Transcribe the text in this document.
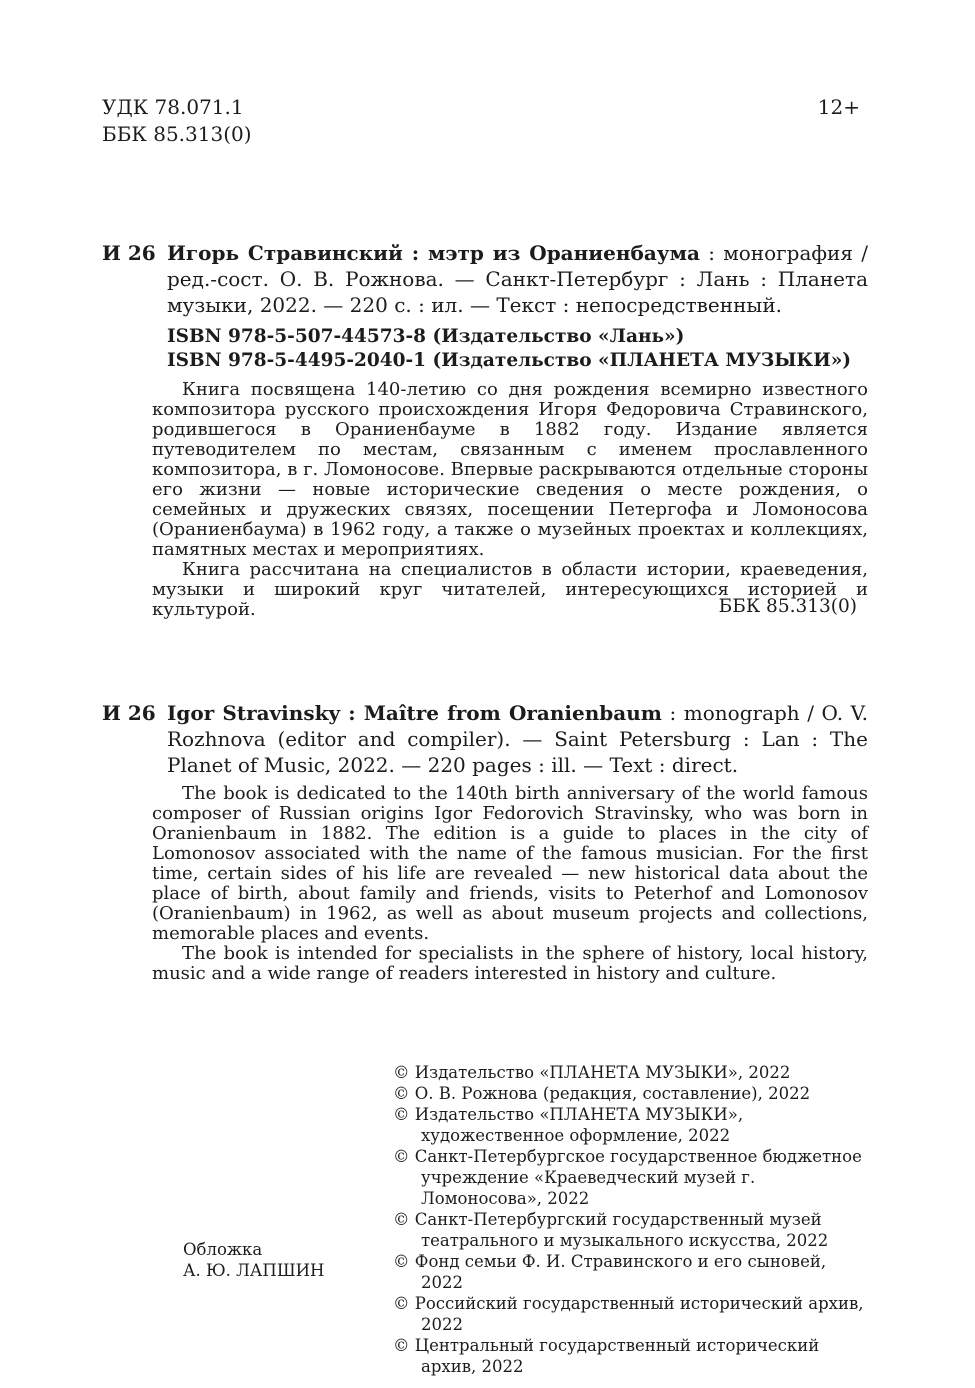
УДК 78.071.1
ББК 85.313(0)
12+
И 26 Игорь Стравинский : мэтр из Ораниенбаума : монография / ред.-сост. О. В. Рожнова. — Санкт-Петербург : Лань : Планета музыки, 2022. — 220 с. : ил. — Текст : непосредственный.
ISBN 978-5-507-44573-8 (Издательство «Лань»)
ISBN 978-5-4495-2040-1 (Издательство «ПЛАНЕТА МУЗЫКИ»)

Книга посвящена 140-летию со дня рождения всемирно известного композитора русского происхождения Игоря Федоровича Стравинского, родившегося в Ораниенбауме в 1882 году. Издание является путеводителем по местам, связанным с именем прославленного композитора, в г. Ломоносове. Впервые раскрываются отдельные стороны его жизни — новые исторические сведения о месте рождения, о семейных и дружеских связях, посещении Петергофа и Ломоносова (Ораниенбаума) в 1962 году, а также о музейных проектах и коллекциях, памятных местах и мероприятиях.

Книга рассчитана на специалистов в области истории, краеведения, музыки и широкий круг читателей, интересующихся историей и культурой.	ББК 85.313(0)
И 26 Igor Stravinsky : Maître from Oranienbaum : monograph / O. V. Rozhnova (editor and compiler). — Saint Petersburg : Lan : The Planet of Music, 2022. — 220 pages : ill. — Text : direct.

The book is dedicated to the 140th birth anniversary of the world famous composer of Russian origins Igor Fedorovich Stravinsky, who was born in Oranienbaum in 1882. The edition is a guide to places in the city of Lomonosov associated with the name of the famous musician. For the first time, certain sides of his life are revealed — new historical data about the place of birth, about family and friends, visits to Peterhof and Lomonosov (Oranienbaum) in 1962, as well as about museum projects and collections, memorable places and events.

The book is intended for specialists in the sphere of history, local history, music and a wide range of readers interested in history and culture.

Обложка
А. Ю. ЛАПШИН
© Издательство «ПЛАНЕТА МУЗЫКИ», 2022
© О. В. Рожнова (редакция, составление), 2022
© Издательство «ПЛАНЕТА МУЗЫКИ», художественное оформление, 2022
© Санкт-Петербургское государственное бюджетное учреждение «Краеведческий музей г. Ломоносова», 2022
© Санкт-Петербургский государственный музей театрального и музыкального искусства, 2022
© Фонд семьи Ф. И. Стравинского и его сыновей, 2022
© Российский государственный исторический архив, 2022
© Центральный государственный исторический архив, 2022
